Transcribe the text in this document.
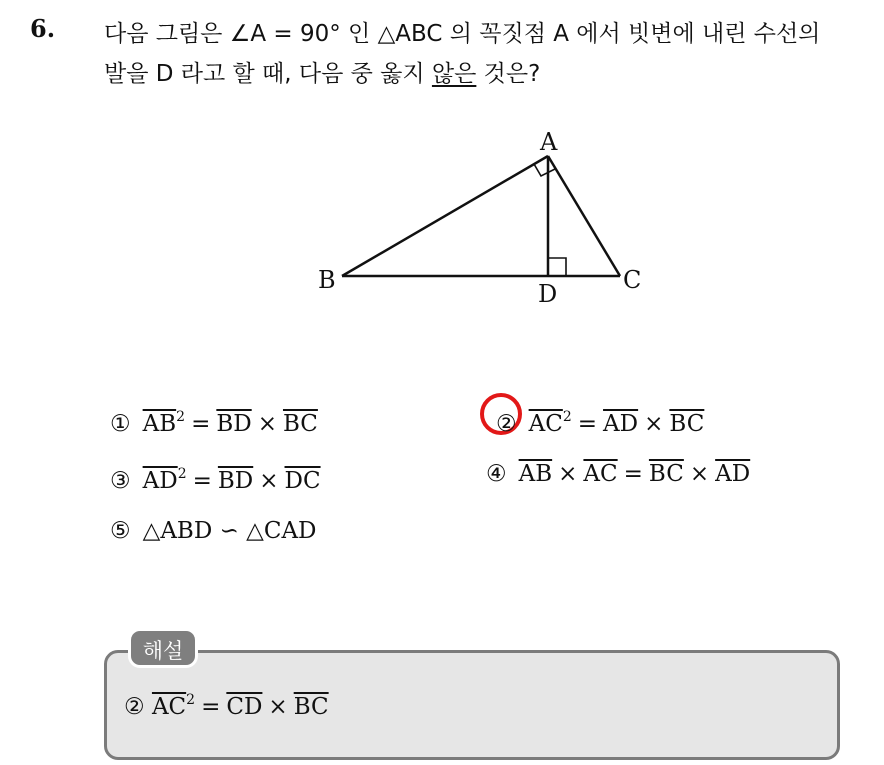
6. 다음 그림은 ∠A = 90° 인 △ABC 의 꼭짓점 A 에서 빗변에 내린 수선의
발을 D 라고 할 때, 다음 중 옳지 않은 것은?
A
B	C
D
① $\overline{AB}^2 = \overline{BD} \times \overline{BC}$	② $\overline{AC}^2 = \overline{AD} \times \overline{BC}$
③ $\overline{AD}^2 = \overline{BD} \times \overline{DC}$	④ $\overline{AB} \times \overline{AC} = \overline{BC} \times \overline{AD}$
⑤ △ABD ∽ △CAD
해설
② $\overline{AC}^2 = \overline{CD} \times \overline{BC}$
